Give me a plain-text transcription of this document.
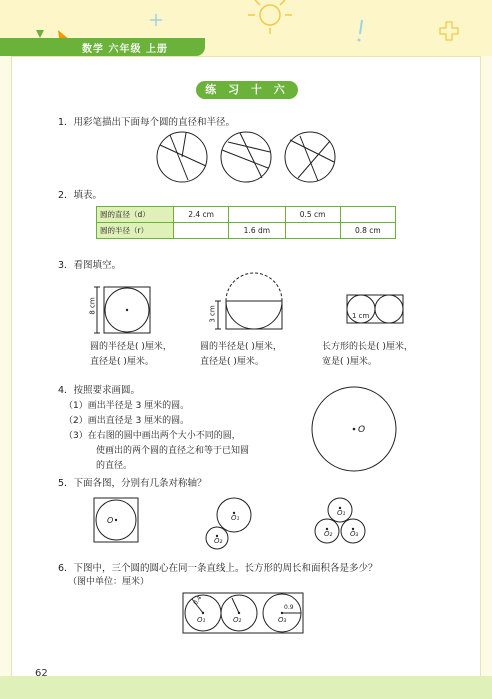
数学 六年级 上册
练 习 十 六
1．用彩笔描出下面每个圆的直径和半径。
2．填表。
圆的直径（d）	2.4 cm		0.5 cm	
圆的半径（r）		1.6 dm		0.8 cm
3．看图填空。
8 cm	3 cm	1 cm
圆的半径是( )厘米，
直径是( )厘米。
圆的半径是( )厘米，
直径是( )厘米。
长方形的长是( )厘米，
宽是( )厘米。
4．按照要求画圆。
（1）画出半径是 3 厘米的圆。
（2）画出直径是 3 厘米的圆。
（3）在右图的圆中画出两个大小不同的圆，
使画出的两个圆的直径之和等于已知圆
的直径。
O
5．下面各图，分别有几条对称轴？
O	O₁
O₂
O₁
O₂	O₃
6．下图中，三个圆的圆心在同一条直线上。长方形的周长和面积各是多少？
（图中单位：厘米）
O₁	O₂	O₃
0.4
0.9
62
